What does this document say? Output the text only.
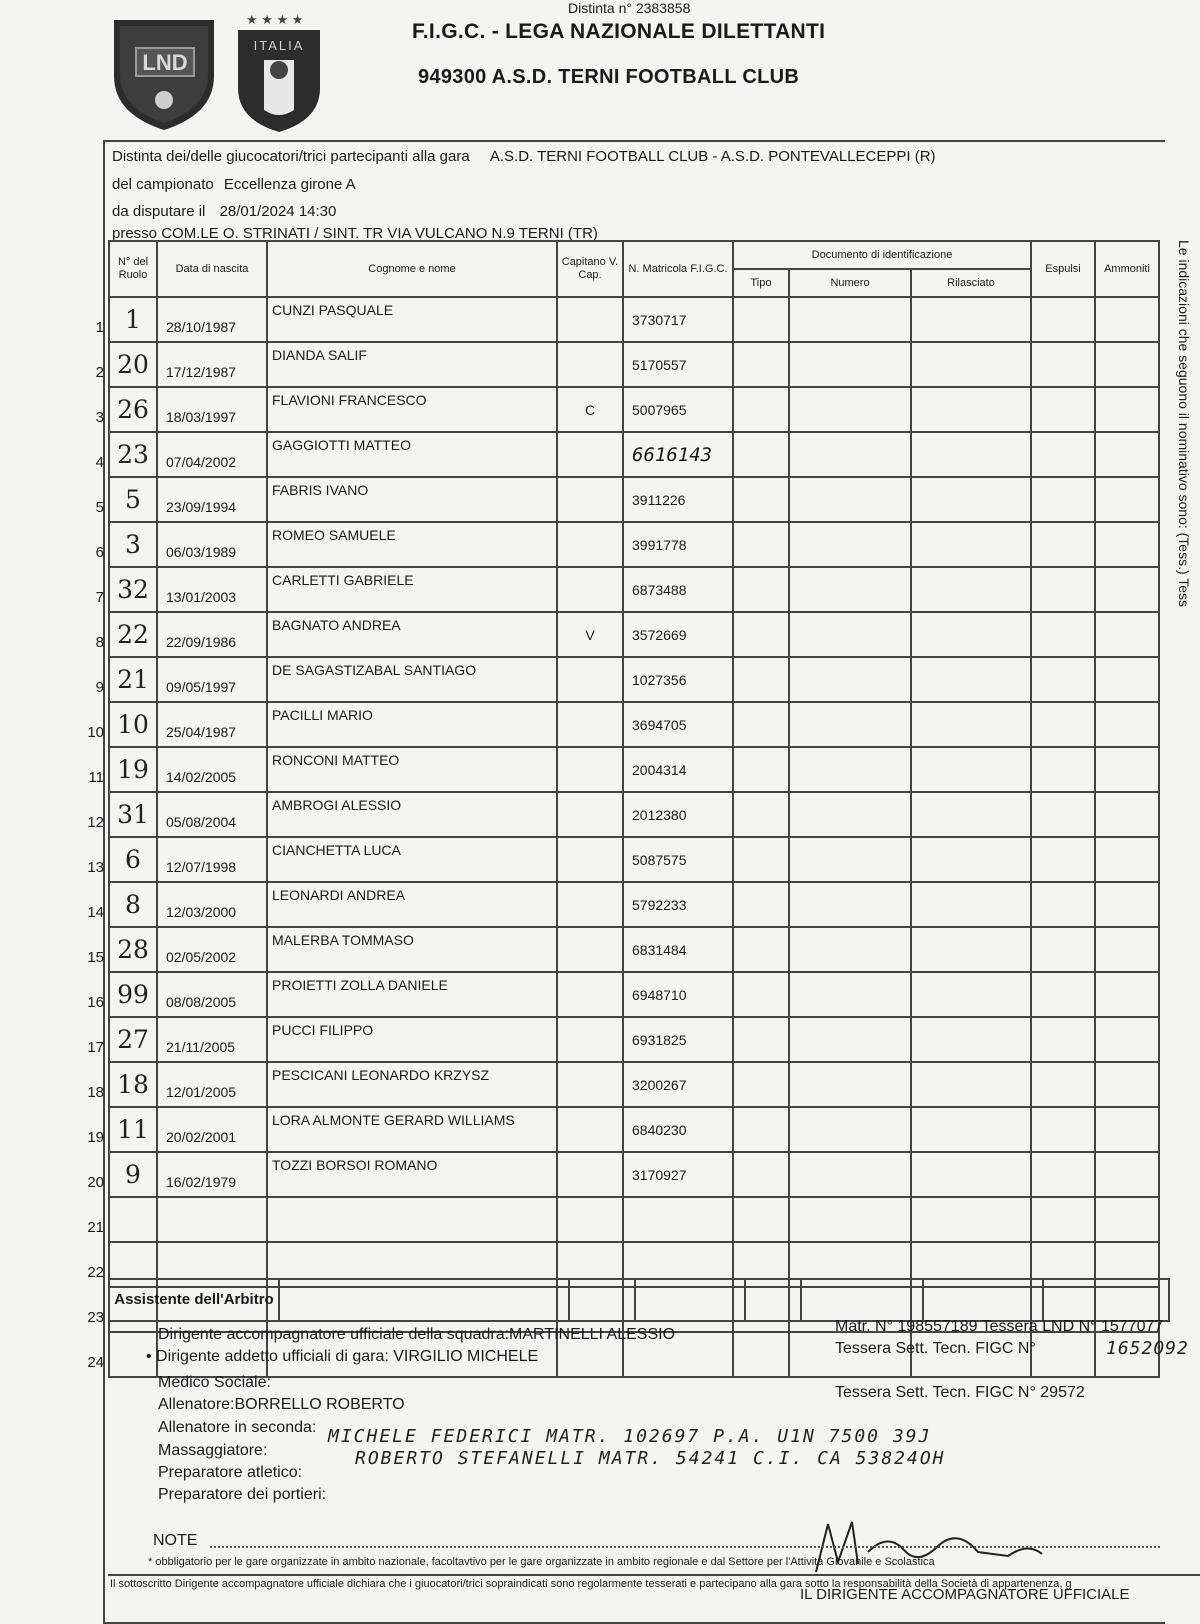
LND
★ ★ ★ ★
ITALIA
Distinta n° 2383858
F.I.G.C. - LEGA NAZIONALE DILETTANTI
949300 A.S.D. TERNI FOOTBALL CLUB
Distinta dei/delle giucocatori/trici partecipanti alla gara A.S.D. TERNI FOOTBALL CLUB - A.S.D. PONTEVALLECEPPI (R)
del campionato Eccellenza girone A
da disputare il 28/01/2024 14:30
presso COM.LE O. STRINATI / SINT. TR VIA VULCANO N.9 TERNI (TR)
N° del Ruolo	Data di nascita	Cognome e nome	Capitano V. Cap.	N. Matricola F.I.G.C.	Documento di identificazione			Espulsi	Ammoniti
					Tipo	Numero	Rilasciato		
1	28/10/1987	CUNZI PASQUALE		3730717					
20	17/12/1987	DIANDA SALIF		5170557					
26	18/03/1997	FLAVIONI FRANCESCO	C	5007965					
23	07/04/2002	GAGGIOTTI MATTEO		6616143					
5	23/09/1994	FABRIS IVANO		3911226					
3	06/03/1989	ROMEO SAMUELE		3991778					
32	13/01/2003	CARLETTI GABRIELE		6873488					
22	22/09/1986	BAGNATO ANDREA	V	3572669					
21	09/05/1997	DE SAGASTIZABAL SANTIAGO		1027356					
10	25/04/1987	PACILLI MARIO		3694705					
19	14/02/2005	RONCONI MATTEO		2004314					
31	05/08/2004	AMBROGI ALESSIO		2012380					
6	12/07/1998	CIANCHETTA LUCA		5087575					
8	12/03/2000	LEONARDI ANDREA		5792233					
28	02/05/2002	MALERBA TOMMASO		6831484					
99	08/08/2005	PROIETTI ZOLLA DANIELE		6948710					
27	21/11/2005	PUCCI FILIPPO		6931825					
18	12/01/2005	PESCICANI LEONARDO KRZYSZ		3200267					
11	20/02/2001	LORA ALMONTE GERARD WILLIAMS		6840230					
9	16/02/1979	TOZZI BORSOI ROMANO		3170927					

1
2
3
4
5
6
7
8
9
10
11
12
13
14
15
16
17
18
19
20
21
22
23
24
Assistente dell'Arbitro							
Le indicazioni che seguono il nominativo sono: (Tess.) Tess
Dirigente accompagnatore ufficiale della squadra:MARTINELLI ALESSIO
• Dirigente addetto ufficiali di gara: VIRGILIO MICHELE
Medico Sociale:
Allenatore:BORRELLO ROBERTO
Allenatore in seconda:
Massaggiatore:
Preparatore atletico:
Preparatore dei portieri:
Matr. N° 198557189 Tessera LND N° 1577077
Tessera Sett. Tecn. FIGC N°	1652092
Tessera Sett. Tecn. FIGC N° 29572
MICHELE FEDERICI MATR. 102697 P.A. U1N 7500 39J
ROBERTO STEFANELLI MATR. 54241 C.I. CA 53824OH
NOTE
* obbligatorio per le gare organizzate in ambito nazionale, facoltavtivo per le gare organizzate in ambito regionale e dal Settore per l'Attività Giovanile e Scolastica
Il sottoscritto Dirigente accompagnatore ufficiale dichiara che i giuocatori/trici sopraindicati sono regolarmente tesserati e partecipano alla gara sotto la responsabilità della Società di appartenenza, g
IL DIRIGENTE ACCOMPAGNATORE UFFICIALE
